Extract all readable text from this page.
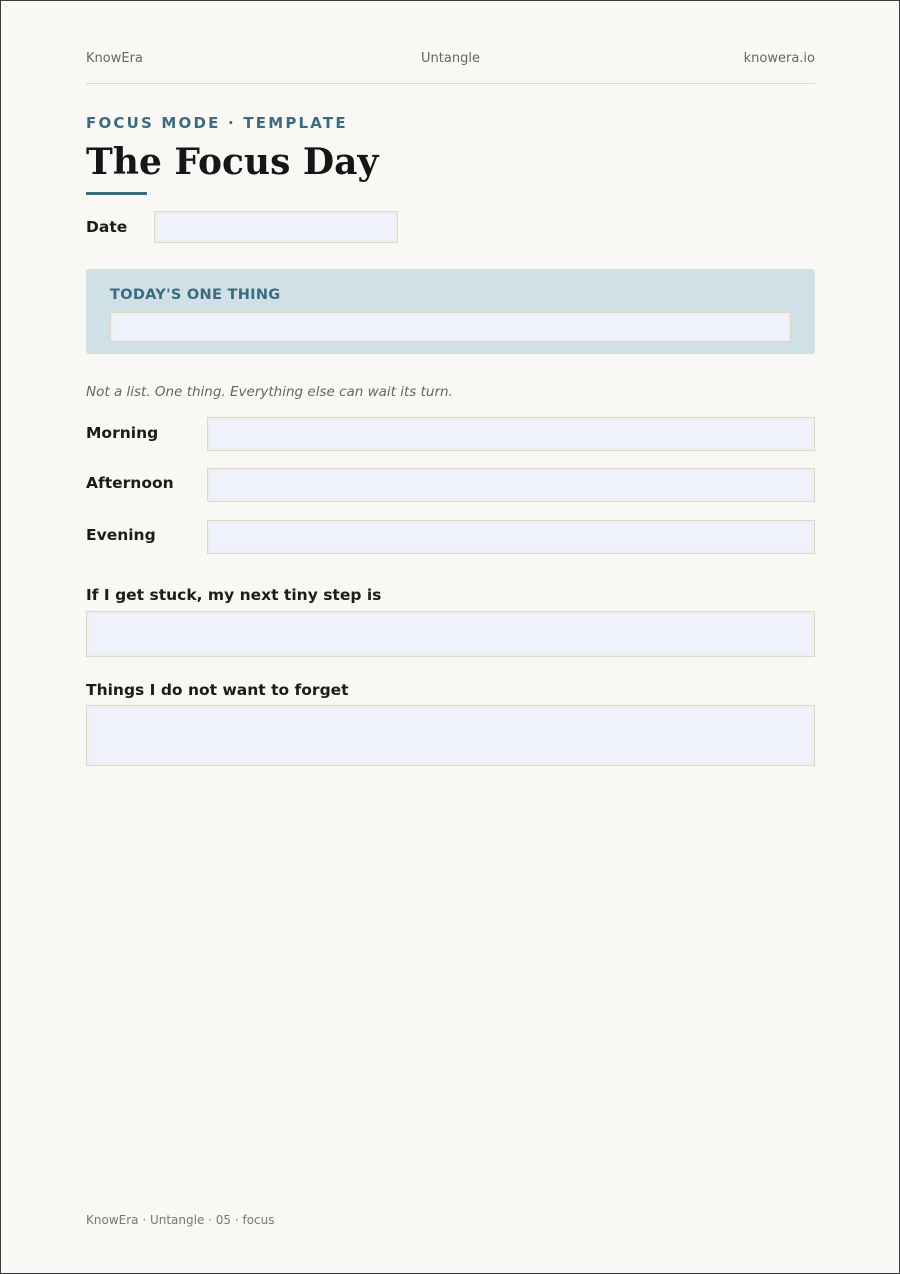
KnowEra	Untangle	knowera.io
FOCUS MODE · TEMPLATE
The Focus Day
Date
TODAY'S ONE THING
Not a list. One thing. Everything else can wait its turn.
Morning
Afternoon
Evening
If I get stuck, my next tiny step is
Things I do not want to forget
KnowEra · Untangle · 05 · focus
